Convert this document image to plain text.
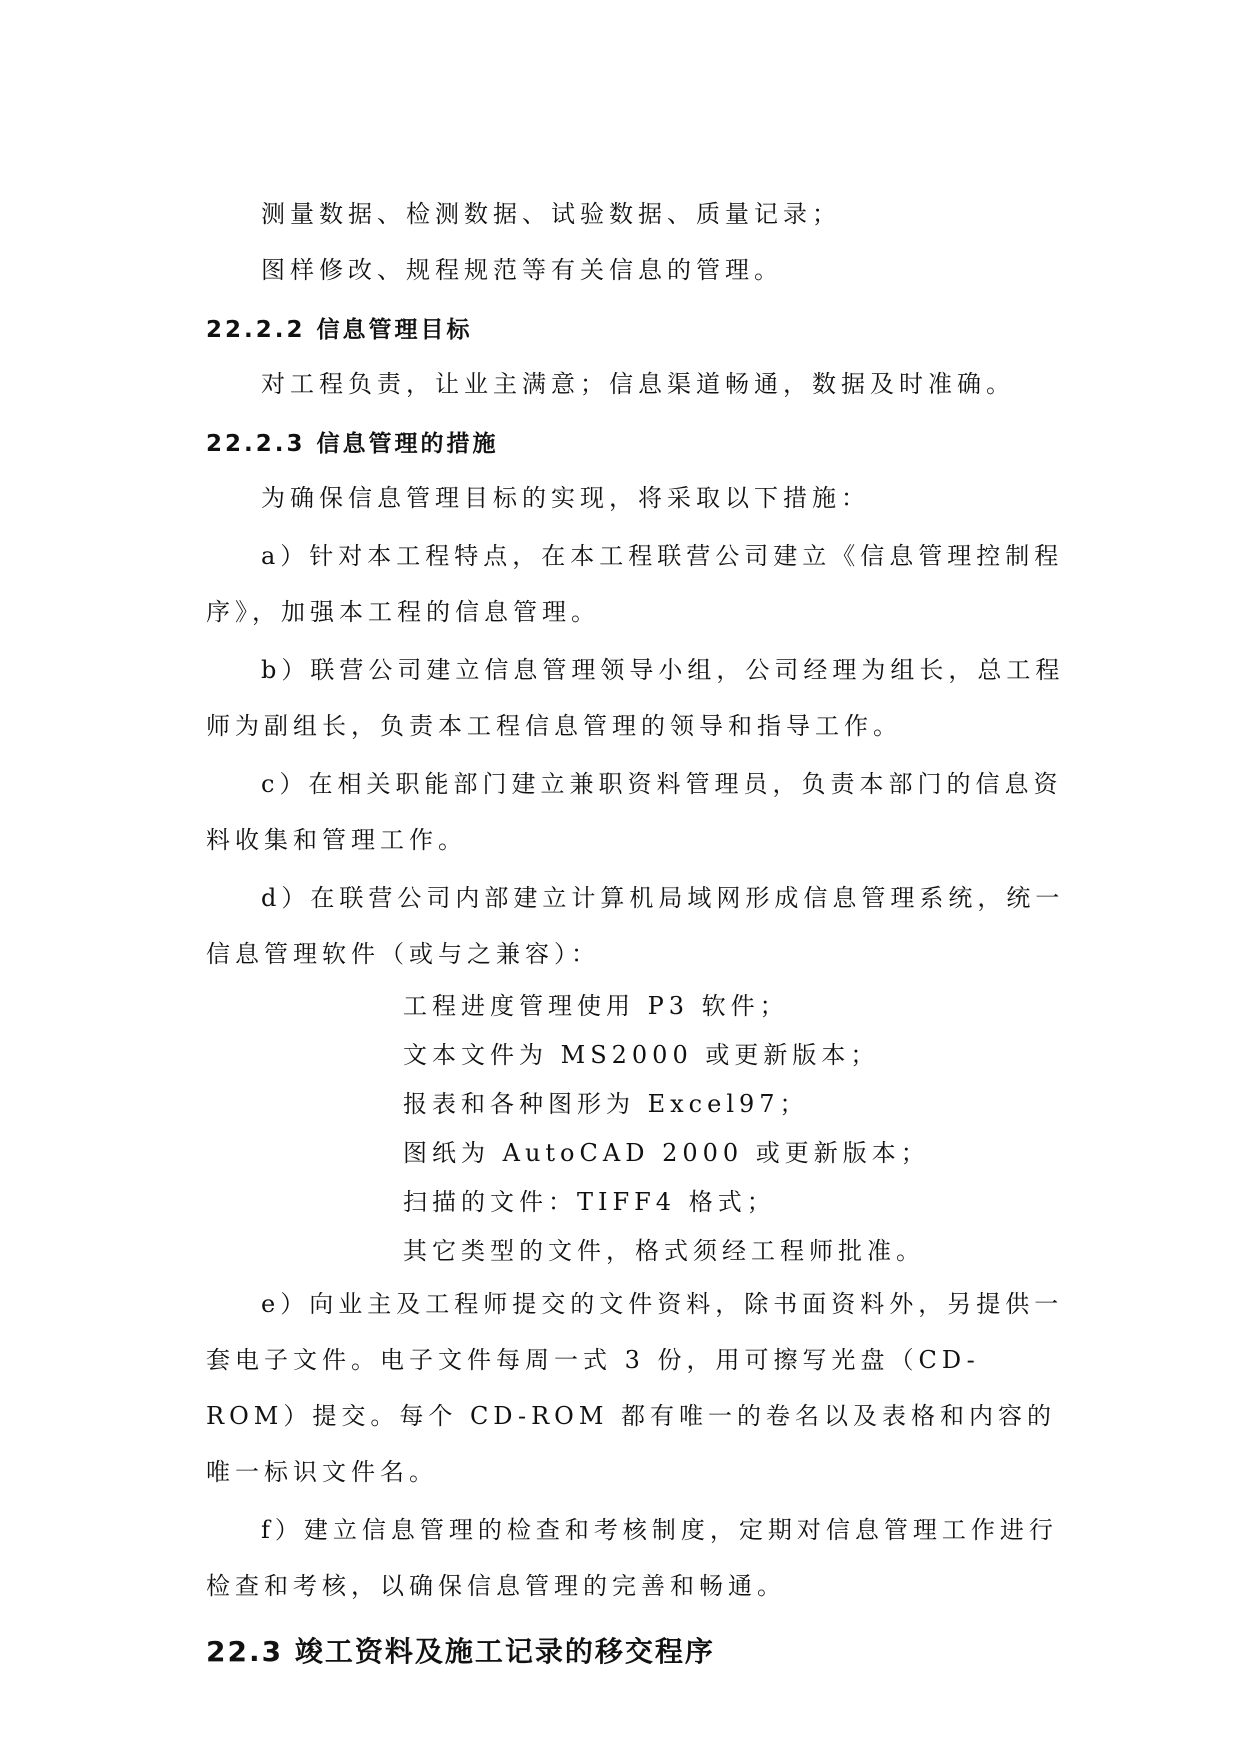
测量数据、检测数据、试验数据、质量记录；

图样修改、规程规范等有关信息的管理。

22.2.2 信息管理目标

对工程负责，让业主满意；信息渠道畅通，数据及时准确。

22.2.3 信息管理的措施

为确保信息管理目标的实现，将采取以下措施：

a）针对本工程特点，在本工程联营公司建立《信息管理控制程序》，加强本工程的信息管理。

b）联营公司建立信息管理领导小组，公司经理为组长，总工程师为副组长，负责本工程信息管理的领导和指导工作。

c）在相关职能部门建立兼职资料管理员，负责本部门的信息资料收集和管理工作。

d）在联营公司内部建立计算机局域网形成信息管理系统，统一信息管理软件（或与之兼容）：

工程进度管理使用 P3 软件；
文本文件为 MS2000 或更新版本；
报表和各种图形为 Excel97；
图纸为 AutoCAD 2000 或更新版本；
扫描的文件：TIFF4 格式；
其它类型的文件，格式须经工程师批准。

e）向业主及工程师提交的文件资料，除书面资料外，另提供一套电子文件。电子文件每周一式 3 份，用可擦写光盘（CD-ROM）提交。每个 CD-ROM 都有唯一的卷名以及表格和内容的唯一标识文件名。

f）建立信息管理的检查和考核制度，定期对信息管理工作进行检查和考核，以确保信息管理的完善和畅通。

22.3 竣工资料及施工记录的移交程序
